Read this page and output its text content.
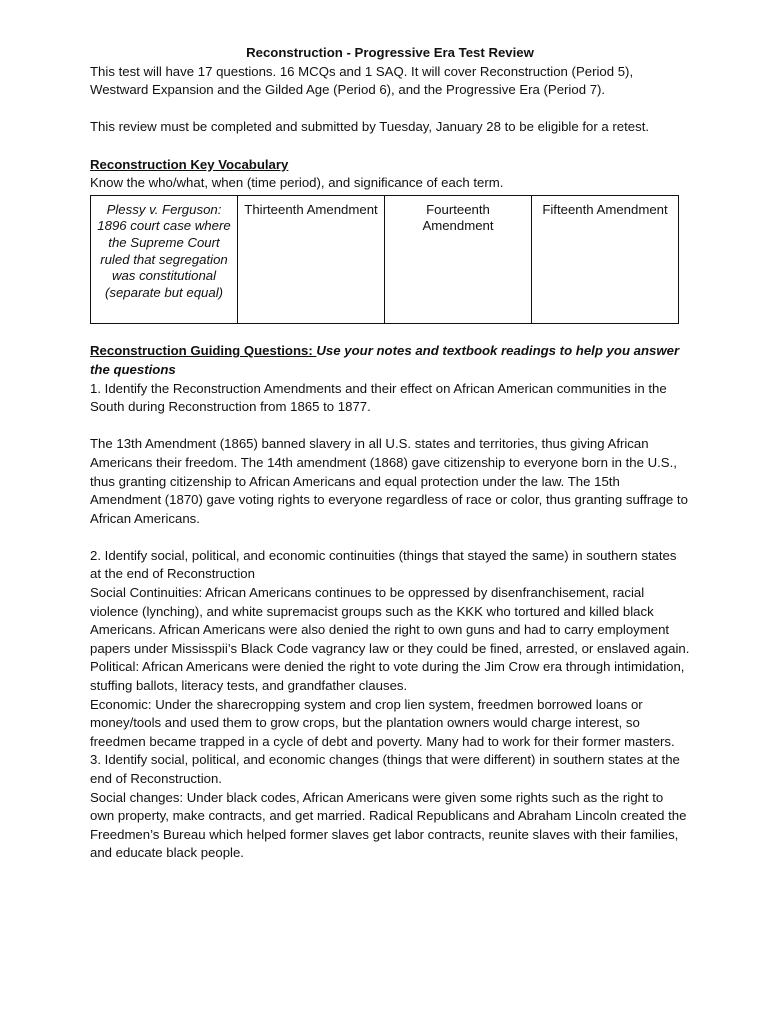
Reconstruction - Progressive Era Test Review

This test will have 17 questions. 16 MCQs and 1 SAQ. It will cover Reconstruction (Period 5), Westward Expansion and the Gilded Age (Period 6), and the Progressive Era (Period 7).

This review must be completed and submitted by Tuesday, January 28 to be eligible for a retest.

Reconstruction Key Vocabulary

Know the who/what, when (time period), and significance of each term.

Plessy v. Ferguson: 1896 court case where the Supreme Court ruled that segregation was constitutional (separate but equal)	Thirteenth Amendment	Fourteenth Amendment	Fifteenth Amendment

Reconstruction Guiding Questions: Use your notes and textbook readings to help you answer the questions

1. Identify the Reconstruction Amendments and their effect on African American communities in the South during Reconstruction from 1865 to 1877.

The 13th Amendment (1865) banned slavery in all U.S. states and territories, thus giving African Americans their freedom. The 14th amendment (1868) gave citizenship to everyone born in the U.S., thus granting citizenship to African Americans and equal protection under the law. The 15th Amendment (1870) gave voting rights to everyone regardless of race or color, thus granting suffrage to African Americans.

2. Identify social, political, and economic continuities (things that stayed the same) in southern states at the end of Reconstruction

Social Continuities: African Americans continues to be oppressed by disenfranchisement, racial violence (lynching), and white supremacist groups such as the KKK who tortured and killed black Americans. African Americans were also denied the right to own guns and had to carry employment papers under Mississpii’s Black Code vagrancy law or they could be fined, arrested, or enslaved again.

Political: African Americans were denied the right to vote during the Jim Crow era through intimidation, stuffing ballots, literacy tests, and grandfather clauses.

Economic: Under the sharecropping system and crop lien system, freedmen borrowed loans or money/tools and used them to grow crops, but the plantation owners would charge interest, so freedmen became trapped in a cycle of debt and poverty. Many had to work for their former masters.

3. Identify social, political, and economic changes (things that were different) in southern states at the end of Reconstruction.

Social changes: Under black codes, African Americans were given some rights such as the right to own property, make contracts, and get married. Radical Republicans and Abraham Lincoln created the Freedmen’s Bureau which helped former slaves get labor contracts, reunite slaves with their families, and educate black people.
